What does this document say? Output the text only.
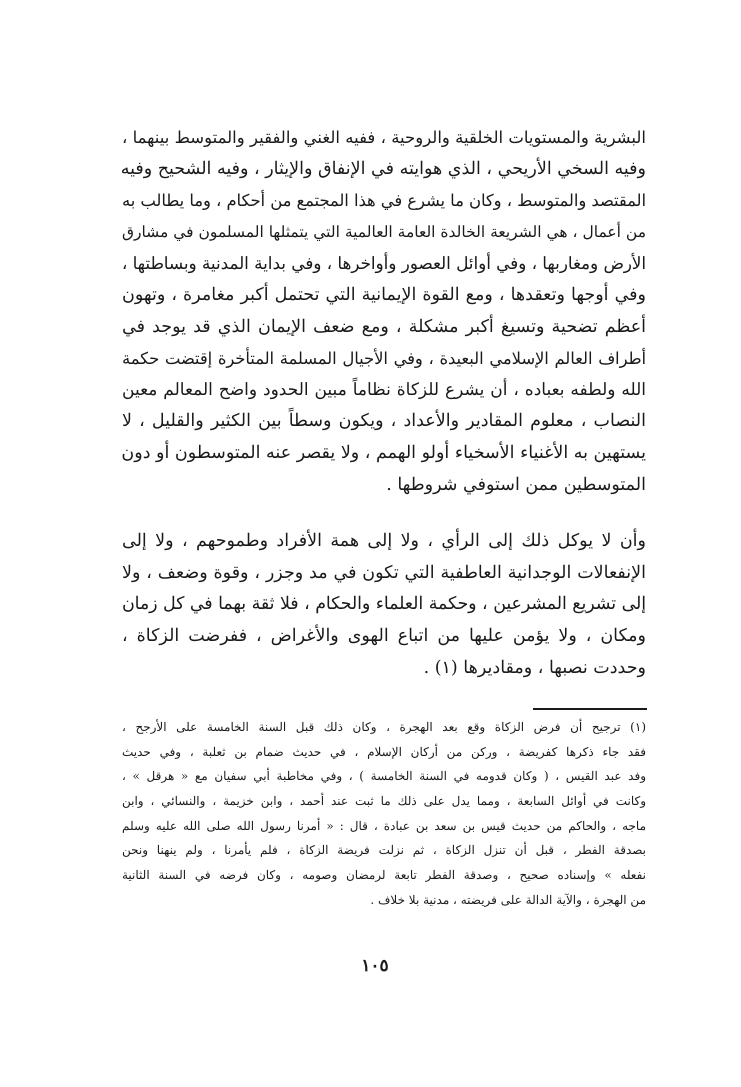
البشرية والمستويات الخلقية والروحية ، ففيه الغني والفقير والمتوسط بينهما ،
وفيه السخي الأريحي ، الذي هوايته في الإنفاق والإيثار ، وفيه الشحيح وفيه
المقتصد والمتوسط ، وكان ما يشرع في هذا المجتمع من أحكام ، وما يطالب به
من أعمال ، هي الشريعة الخالدة العامة العالمية التي يتمثلها المسلمون في مشارق
الأرض ومغاربها ، وفي أوائل العصور وأواخرها ، وفي بداية المدنية وبساطتها ،
وفي أوجها وتعقدها ، ومع القوة الإيمانية التي تحتمل أكبر مغامرة ، وتهون
أعظم تضحية وتسيغ أكبر مشكلة ، ومع ضعف الإيمان الذي قد يوجد في
أطراف العالم الإسلامي البعيدة ، وفي الأجيال المسلمة المتأخرة إقتضت حكمة
الله ولطفه بعباده ، أن يشرع للزكاة نظاماً مبين الحدود واضح المعالم معين
النصاب ، معلوم المقادير والأعداد ، ويكون وسطاً بين الكثير والقليل ، لا
يستهين به الأغنياء الأسخياء أولو الهمم ، ولا يقصر عنه المتوسطون أو دون
المتوسطين ممن استوفي شروطها .
وأن لا يوكل ذلك إلى الرأي ، ولا إلى همة الأفراد وطموحهم ، ولا إلى
الإنفعالات الوجدانية العاطفية التي تكون في مد وجزر ، وقوة وضعف ، ولا
إلى تشريع المشرعين ، وحكمة العلماء والحكام ، فلا ثقة بهما في كل زمان
ومكان ، ولا يؤمن عليها من اتباع الهوى والأغراض ، ففرضت الزكاة ،
وحددت نصبها ، ومقاديرها (١) .
(١) ترجيح أن فرض الزكاة وقع بعد الهجرة ، وكان ذلك قبل السنة الخامسة على الأرجح ،
فقد جاء ذكرها كفريضة ، وركن من أركان الإسلام ، في حديث ضمام بن ثعلبة ، وفي حديث
وفد عبد القيس ، ( وكان قدومه في السنة الخامسة ) ، وفي مخاطبة أبي سفيان مع « هرقل » ،
وكانت في أوائل السابعة ، ومما يدل على ذلك ما ثبت عند أحمد ، وابن خزيمة ، والنسائي ، وابن
ماجه ، والحاكم من حديث قيس بن سعد بن عبادة ، قال : « أمرنا رسول الله صلى الله عليه وسلم
بصدقة الفطر ، قبل أن تنزل الزكاة ، ثم نزلت فريضة الزكاة ، فلم يأمرنا ، ولم ينهنا ونحن
نفعله » وإسناده صحيح ، وصدقة الفطر تابعة لرمضان وصومه ، وكان فرضه في السنة الثانية
من الهجرة ، والآية الدالة على فريضته ، مدنية بلا خلاف .
١٠٥
